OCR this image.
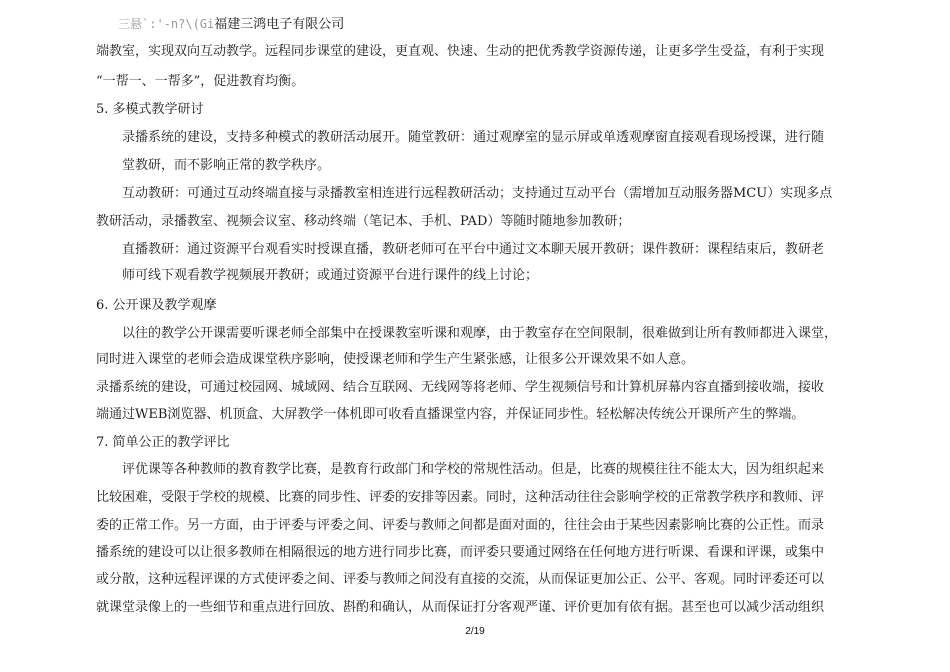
三悬`:'-n?\(Gi福建三鸿电子有限公司
端教室，实现双向互动教学。远程同步课堂的建设，更直观、快速、生动的把优秀教学资源传递，让更多学生受益，有利于实现
“一帮一、一帮多”，促进教育均衡。
5. 多模式教学研讨
录播系统的建设，支持多种模式的教研活动展开。随堂教研：通过观摩室的显示屏或单透观摩窗直接观看现场授课，进行随
堂教研，而不影响正常的教学秩序。
互动教研：可通过互动终端直接与录播教室相连进行远程教研活动；支持通过互动平台（需增加互动服务器MCU）实现多点
教研活动，录播教室、视频会议室、移动终端（笔记本、手机、PAD）等随时随地参加教研；
直播教研：通过资源平台观看实时授课直播，教研老师可在平台中通过文本聊天展开教研；课件教研：课程结束后，教研老
师可线下观看教学视频展开教研；或通过资源平台进行课件的线上讨论；
6. 公开课及教学观摩
以往的教学公开课需要听课老师全部集中在授课教室听课和观摩，由于教室存在空间限制，很难做到让所有教师都进入课堂，
同时进入课堂的老师会造成课堂秩序影响，使授课老师和学生产生紧张感，让很多公开课效果不如人意。
录播系统的建设，可通过校园网、城域网、结合互联网、无线网等将老师、学生视频信号和计算机屏幕内容直播到接收端，接收
端通过WEB浏览器、机顶盒、大屏教学一体机即可收看直播课堂内容，并保证同步性。轻松解决传统公开课所产生的弊端。
7. 简单公正的教学评比
评优课等各种教师的教育教学比赛，是教育行政部门和学校的常规性活动。但是，比赛的规模往往不能太大，因为组织起来
比较困难，受限于学校的规模、比赛的同步性、评委的安排等因素。同时，这种活动往往会影响学校的正常教学秩序和教师、评
委的正常工作。另一方面，由于评委与评委之间、评委与教师之间都是面对面的，往往会由于某些因素影响比赛的公正性。而录
播系统的建设可以让很多教师在相隔很远的地方进行同步比赛，而评委只要通过网络在任何地方进行听课、看课和评课，或集中
或分散，这种远程评课的方式使评委之间、评委与教师之间没有直接的交流，从而保证更加公正、公平、客观。同时评委还可以
就课堂录像上的一些细节和重点进行回放、斟酌和确认，从而保证打分客观严谨、评价更加有依有据。甚至也可以减少活动组织
2/19
